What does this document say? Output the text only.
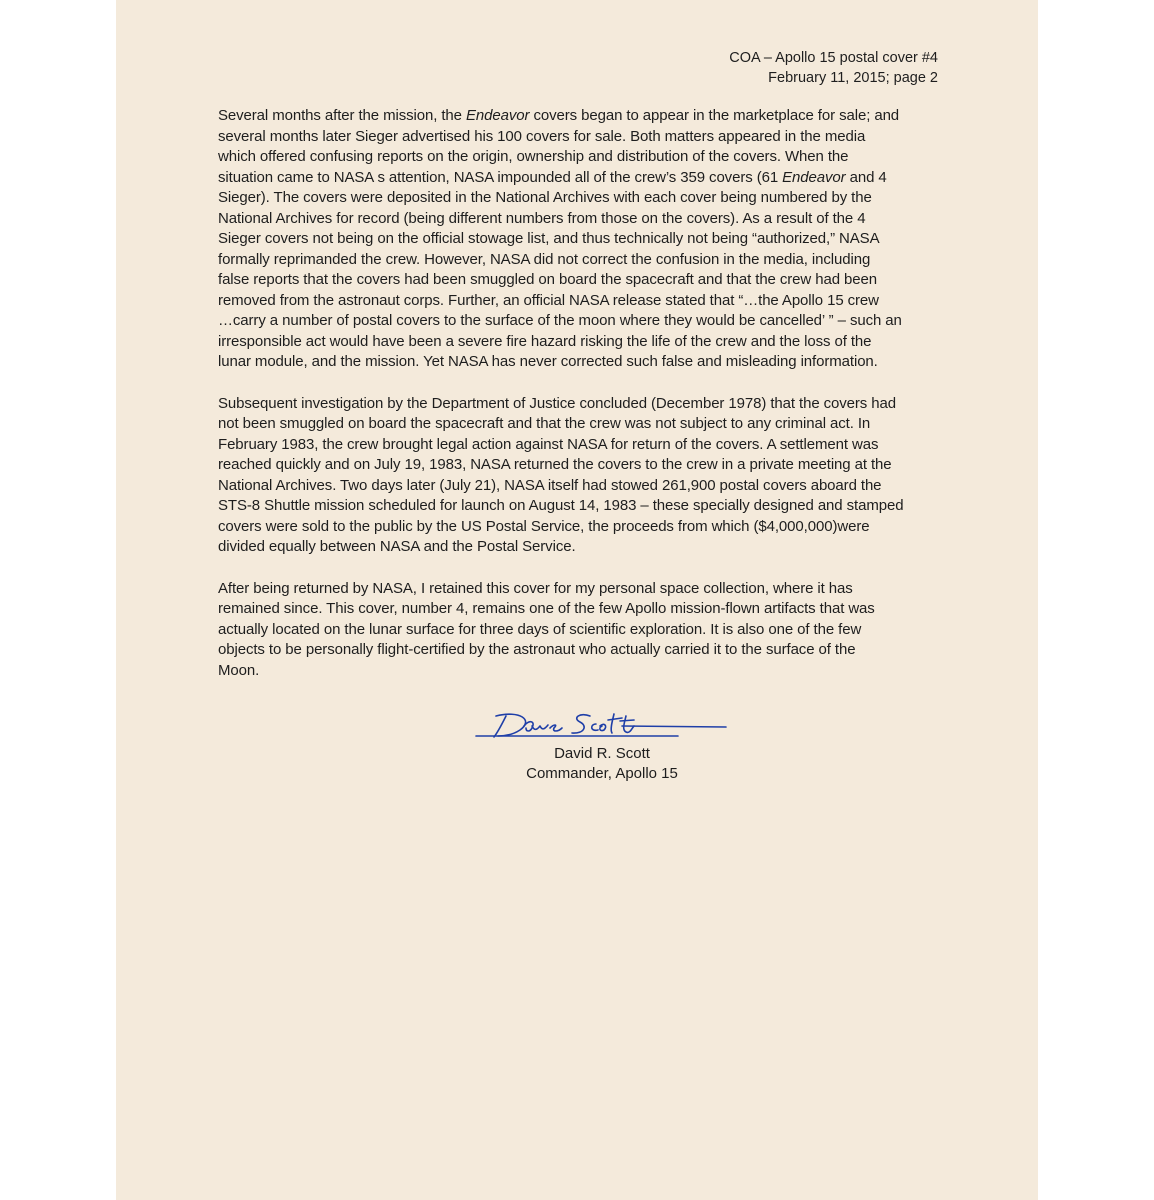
COA – Apollo 15 postal cover #4
February 11, 2015; page 2
Several months after the mission, the Endeavor covers began to appear in the marketplace for sale; and
several months later Sieger advertised his 100 covers for sale. Both matters appeared in the media
which offered confusing reports on the origin, ownership and distribution of the covers. When the
situation came to NASA s attention, NASA impounded all of the crew’s 359 covers (61 Endeavor and 4
Sieger). The covers were deposited in the National Archives with each cover being numbered by the
National Archives for record (being different numbers from those on the covers). As a result of the 4
Sieger covers not being on the official stowage list, and thus technically not being “authorized,” NASA
formally reprimanded the crew. However, NASA did not correct the confusion in the media, including
false reports that the covers had been smuggled on board the spacecraft and that the crew had been
removed from the astronaut corps. Further, an official NASA release stated that “…the Apollo 15 crew
…carry a number of postal covers to the surface of the moon where they would be cancelled’ ” – such an
irresponsible act would have been a severe fire hazard risking the life of the crew and the loss of the
lunar module, and the mission. Yet NASA has never corrected such false and misleading information.
Subsequent investigation by the Department of Justice concluded (December 1978) that the covers had
not been smuggled on board the spacecraft and that the crew was not subject to any criminal act. In
February 1983, the crew brought legal action against NASA for return of the covers. A settlement was
reached quickly and on July 19, 1983, NASA returned the covers to the crew in a private meeting at the
National Archives. Two days later (July 21), NASA itself had stowed 261,900 postal covers aboard the
STS-8 Shuttle mission scheduled for launch on August 14, 1983 – these specially designed and stamped
covers were sold to the public by the US Postal Service, the proceeds from which ($4,000,000)were
divided equally between NASA and the Postal Service.
After being returned by NASA, I retained this cover for my personal space collection, where it has
remained since. This cover, number 4, remains one of the few Apollo mission-flown artifacts that was
actually located on the lunar surface for three days of scientific exploration. It is also one of the few
objects to be personally flight-certified by the astronaut who actually carried it to the surface of the
Moon.
David R. Scott
Commander, Apollo 15
